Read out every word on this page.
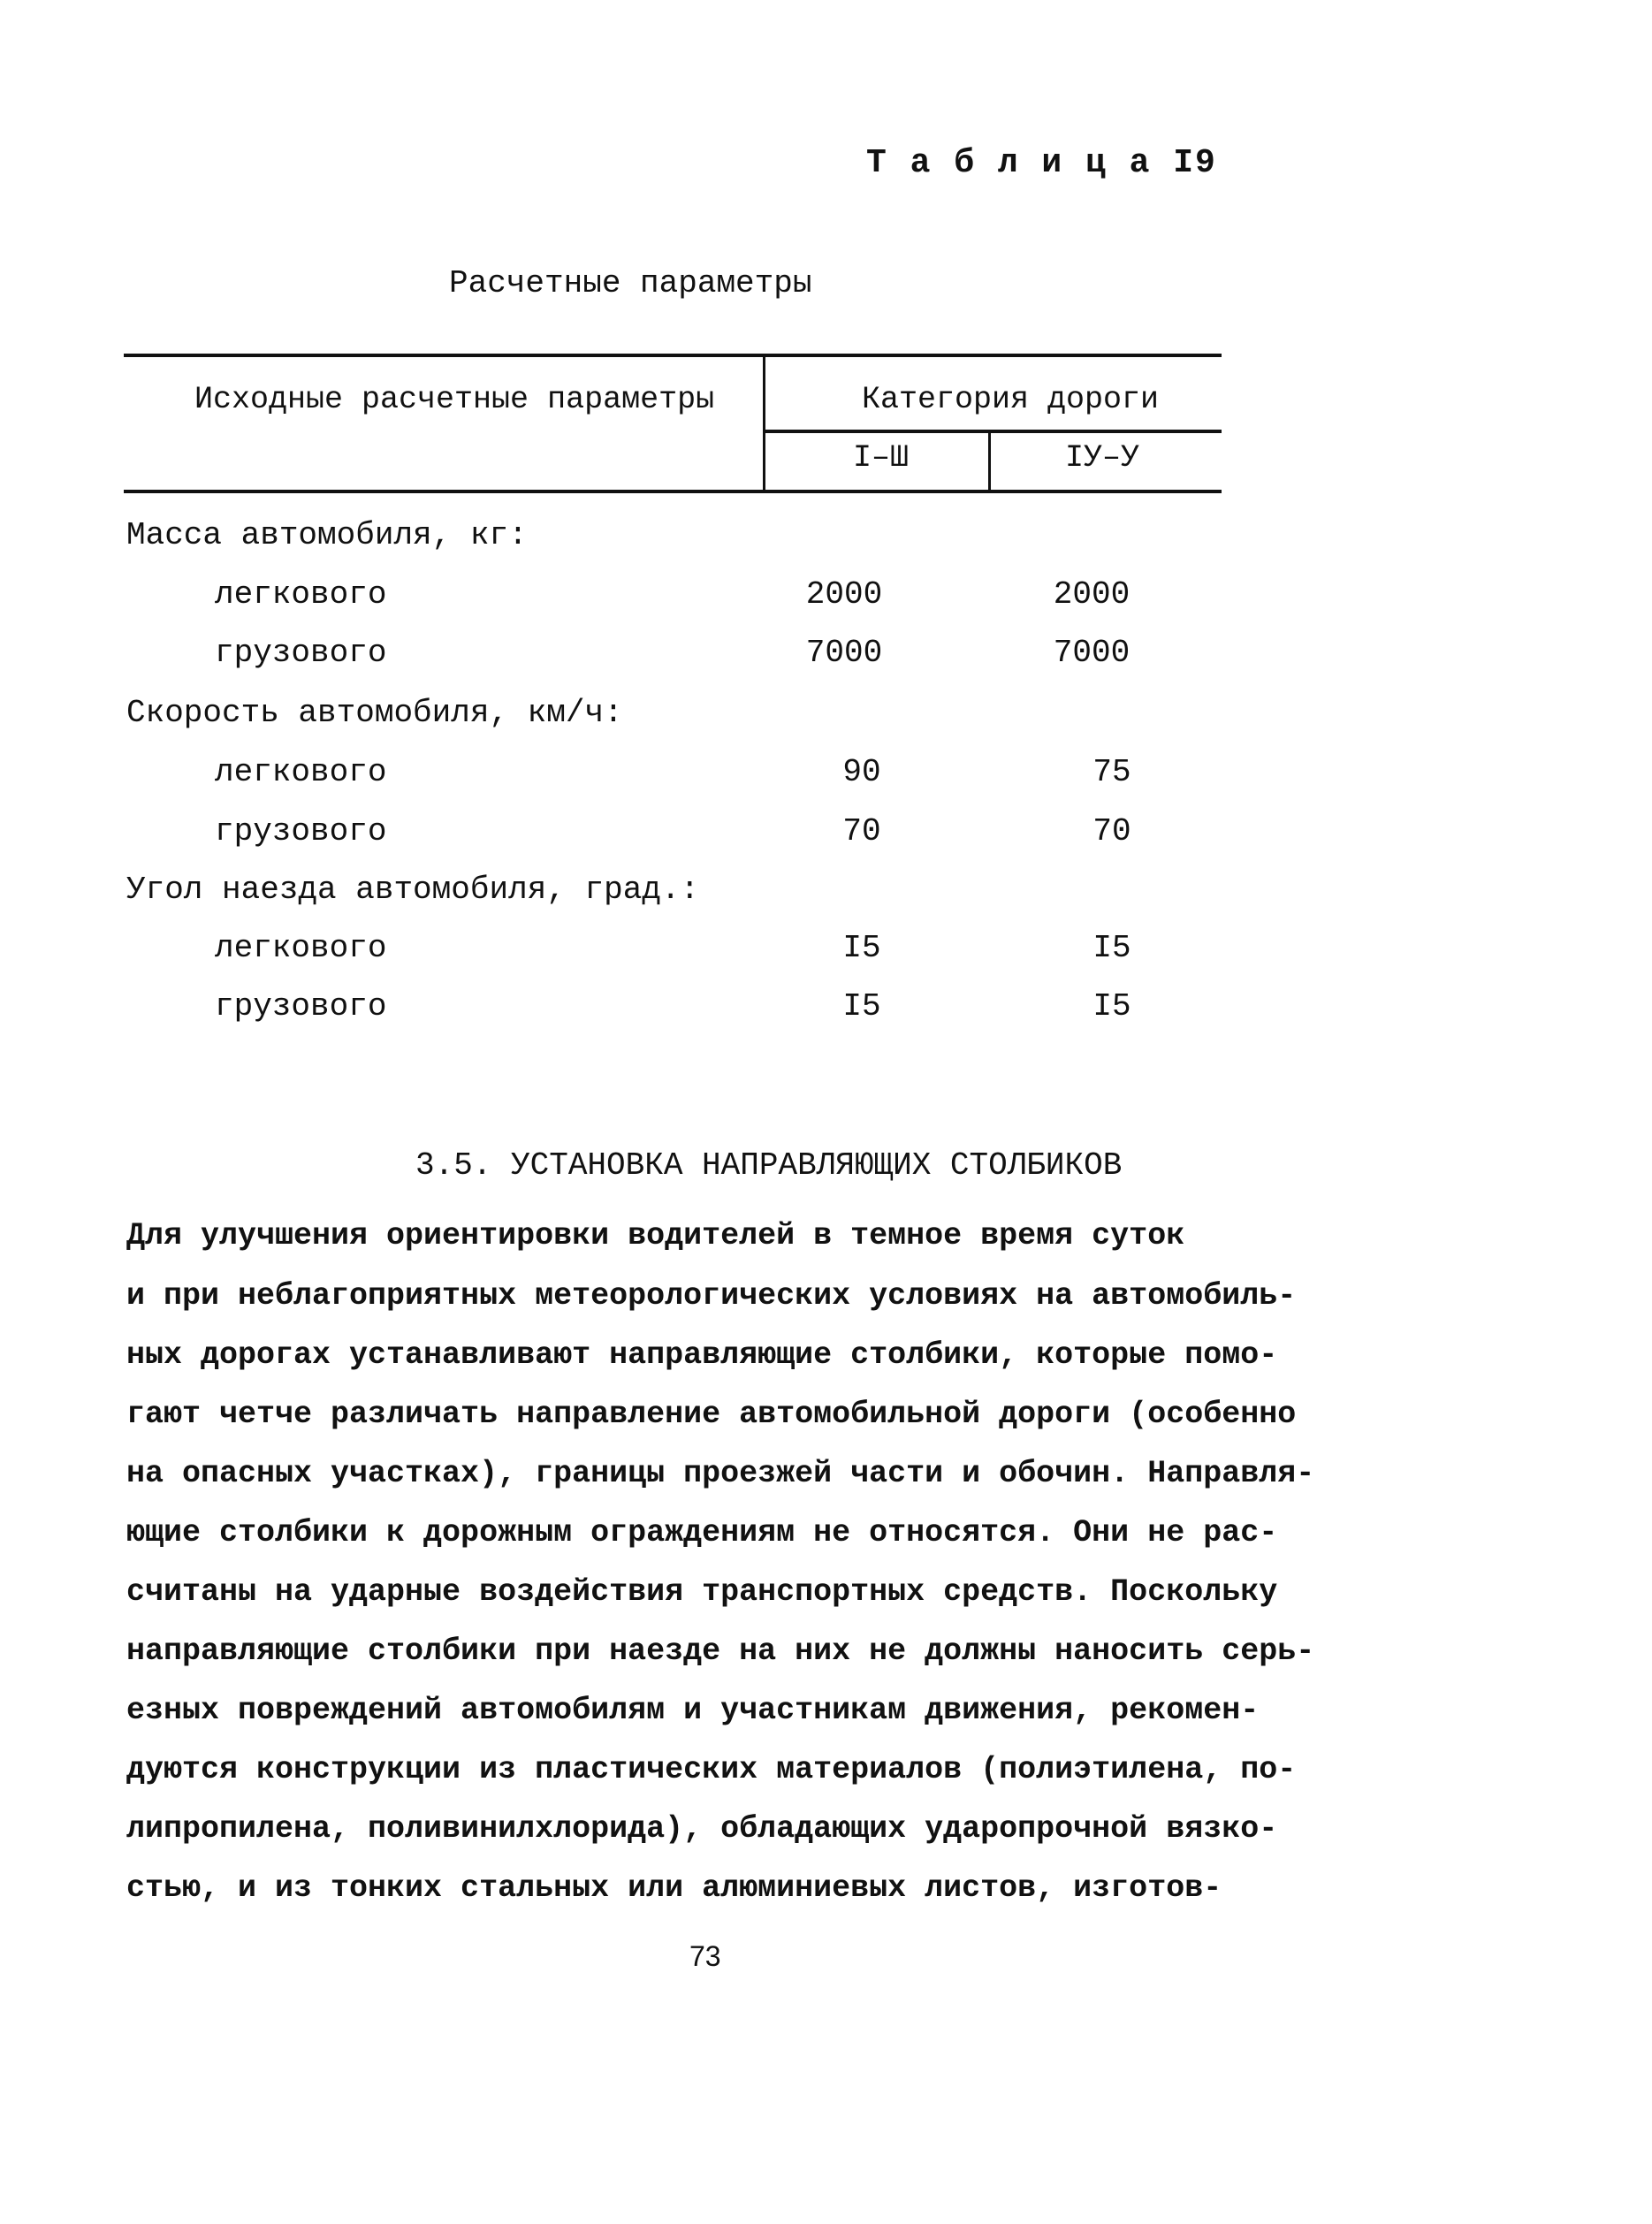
Т а б л и ц а I9
Расчетные параметры
Исходные расчетные параметры	Категория дороги
I–Ш	IУ–У
Масса автомобиля, кг:
легкового	2000	2000
грузового	7000	7000
Скорость автомобиля, км/ч:
легкового	90	75
грузового	70	70
Угол наезда автомобиля, град.:
легкового	I5	I5
грузового	I5	I5
3.5. УСТАНОВКА НАПРАВЛЯЮЩИХ СТОЛБИКОВ
Для улучшения ориентировки водителей в темное время суток
и при неблагоприятных метеорологических условиях на автомобиль-
ных дорогах устанавливают направляющие столбики, которые помо-
гают четче различать направление автомобильной дороги (особенно
на опасных участках), границы проезжей части и обочин. Направля-
ющие столбики к дорожным ограждениям не относятся. Они не рас-
считаны на ударные воздействия транспортных средств. Поскольку
направляющие столбики при наезде на них не должны наносить серь-
езных повреждений автомобилям и участникам движения, рекомен-
дуются конструкции из пластических материалов (полиэтилена, по-
липропилена, поливинилхлорида), обладающих ударопрочной вязко-
стью, и из тонких стальных или алюминиевых листов, изготов-
73
